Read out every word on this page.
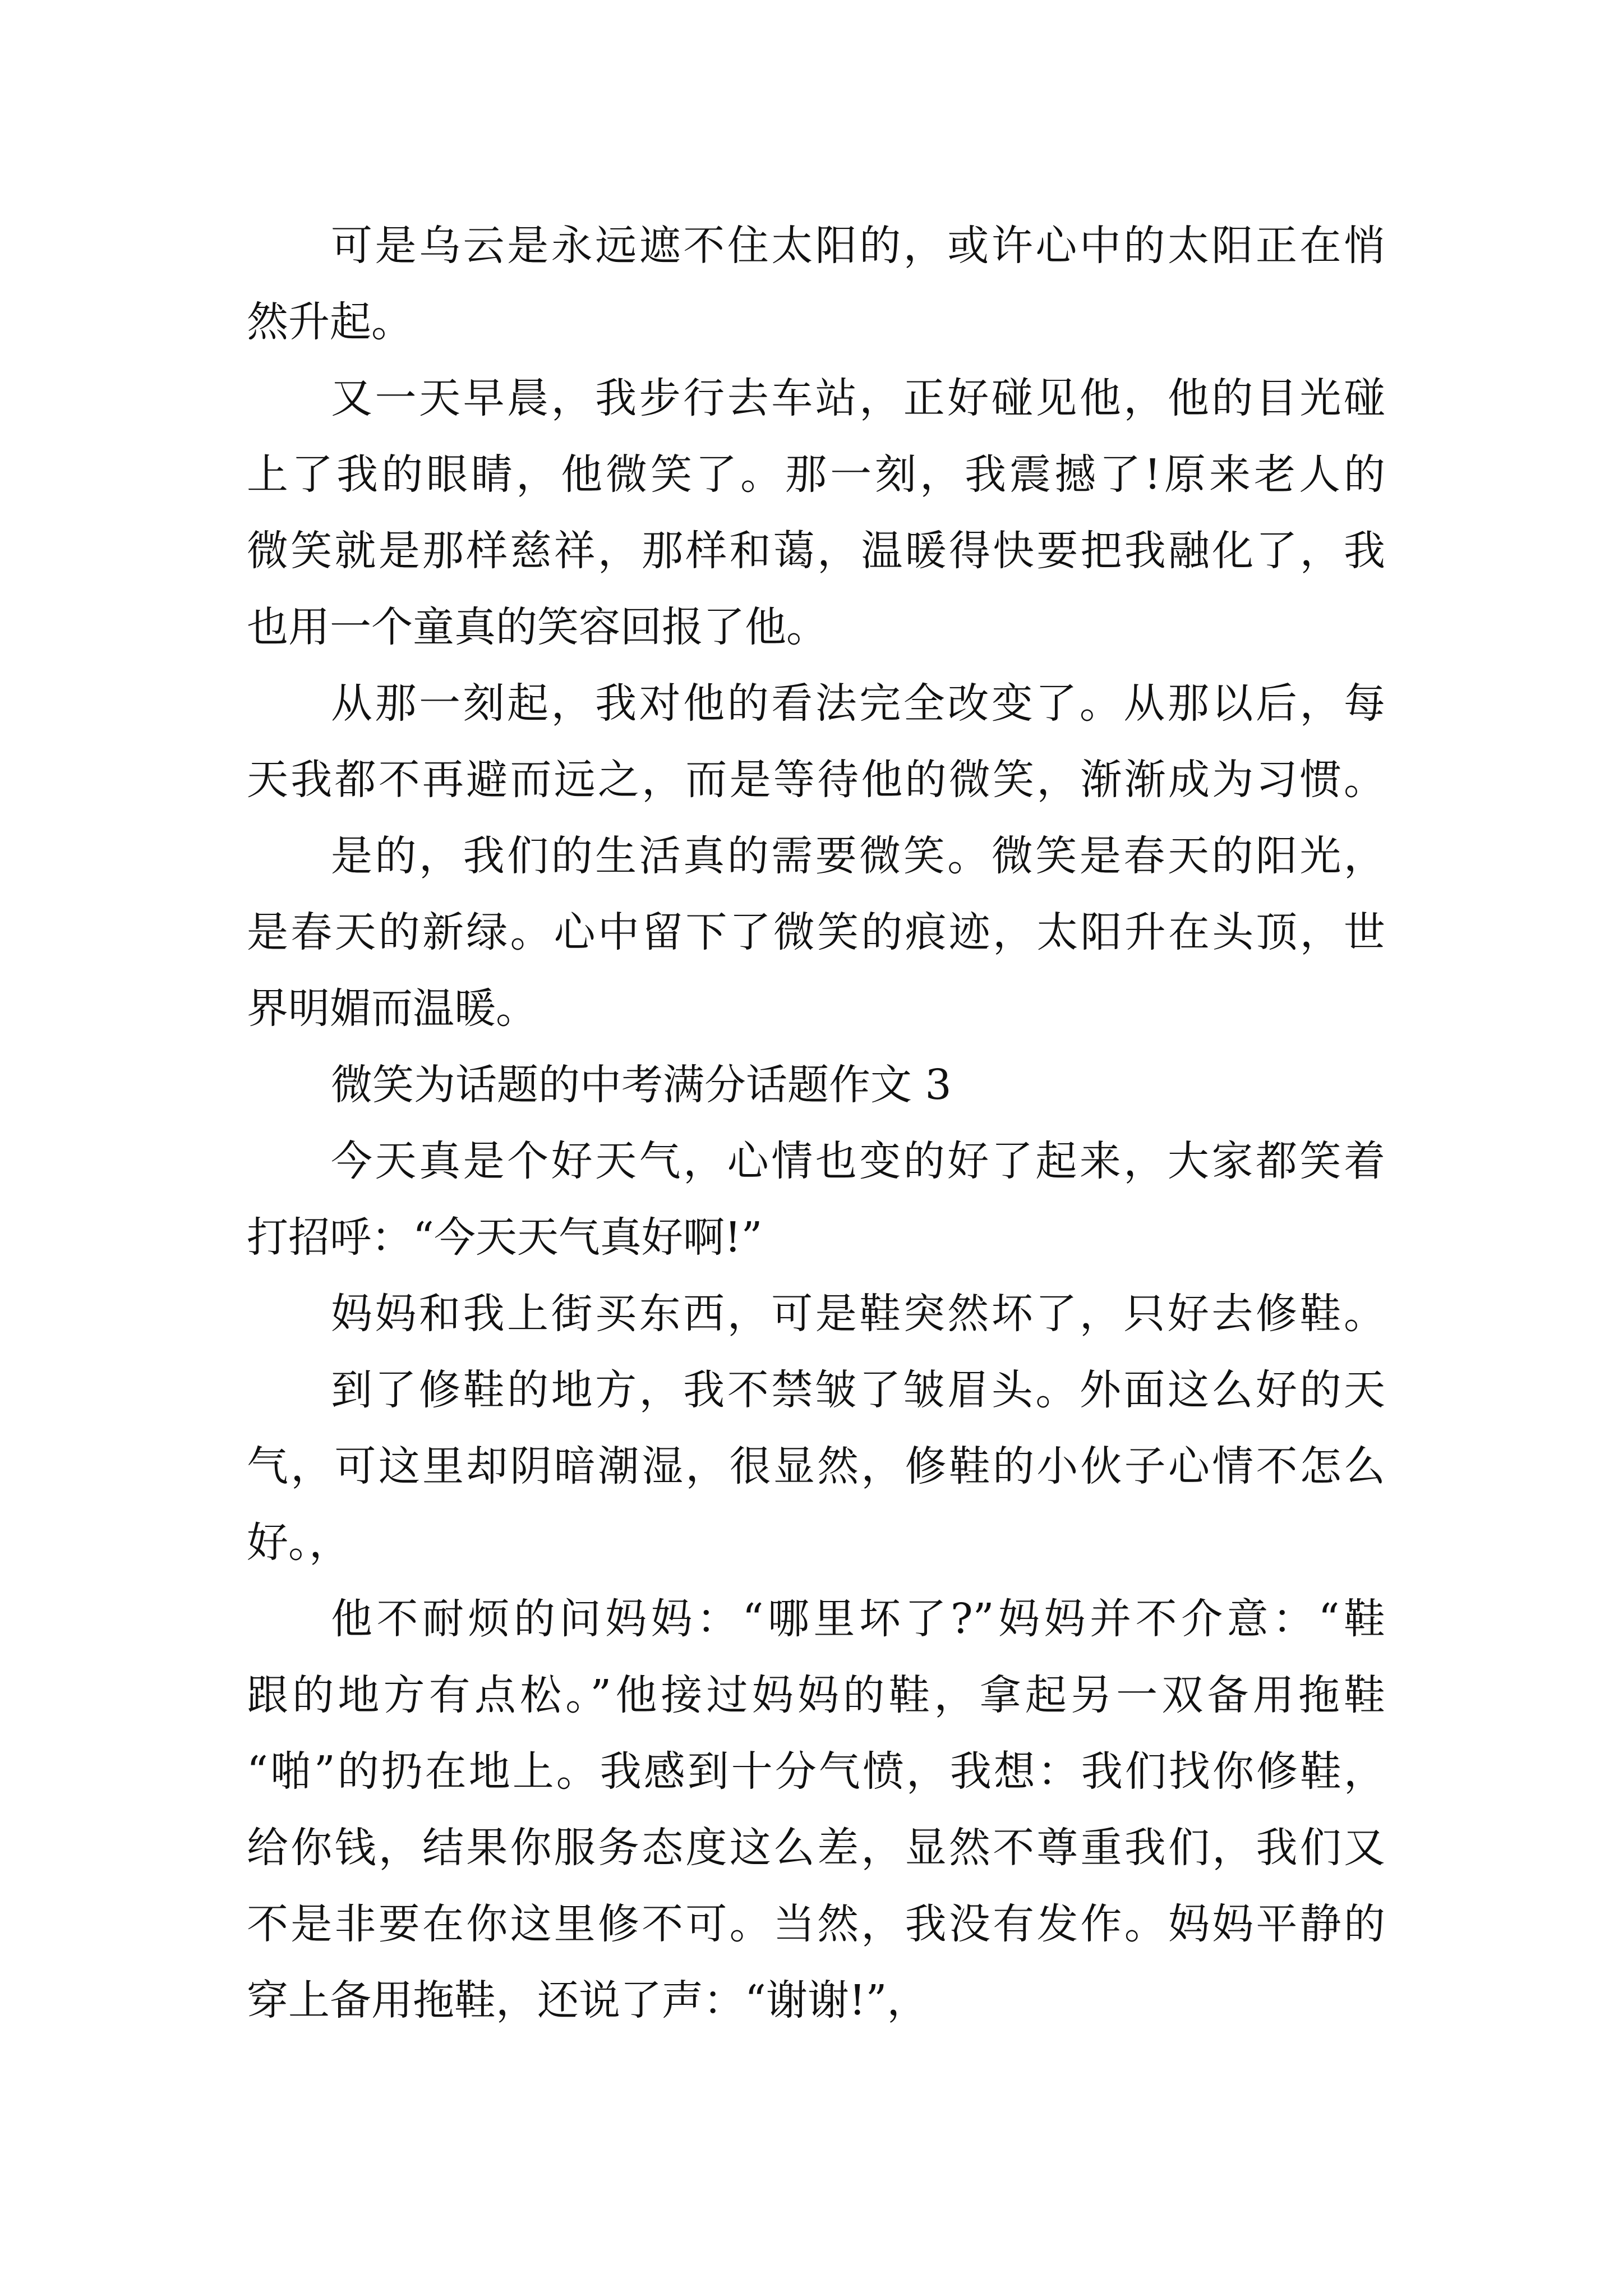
可是乌云是永远遮不住太阳的，或许心中的太阳正在悄
然升起。
又一天早晨，我步行去车站，正好碰见他，他的目光碰
上了我的眼睛，他微笑了。那一刻，我震撼了!原来老人的
微笑就是那样慈祥，那样和蔼，温暖得快要把我融化了，我
也用一个童真的笑容回报了他。
从那一刻起，我对他的看法完全改变了。从那以后，每
天我都不再避而远之，而是等待他的微笑，渐渐成为习惯。
是的，我们的生活真的需要微笑。微笑是春天的阳光，
是春天的新绿。心中留下了微笑的痕迹，太阳升在头顶，世
界明媚而温暖。
微笑为话题的中考满分话题作文 3
今天真是个好天气，心情也变的好了起来，大家都笑着
打招呼：“今天天气真好啊!”
妈妈和我上街买东西，可是鞋突然坏了，只好去修鞋。
到了修鞋的地方，我不禁皱了皱眉头。外面这么好的天
气，可这里却阴暗潮湿，很显然，修鞋的小伙子心情不怎么
好。，
他不耐烦的问妈妈：“哪里坏了?”妈妈并不介意：“鞋
跟的地方有点松。”他接过妈妈的鞋，拿起另一双备用拖鞋
“啪”的扔在地上。我感到十分气愤，我想：我们找你修鞋，
给你钱，结果你服务态度这么差，显然不尊重我们，我们又
不是非要在你这里修不可。当然，我没有发作。妈妈平静的
穿上备用拖鞋，还说了声：“谢谢!”，
